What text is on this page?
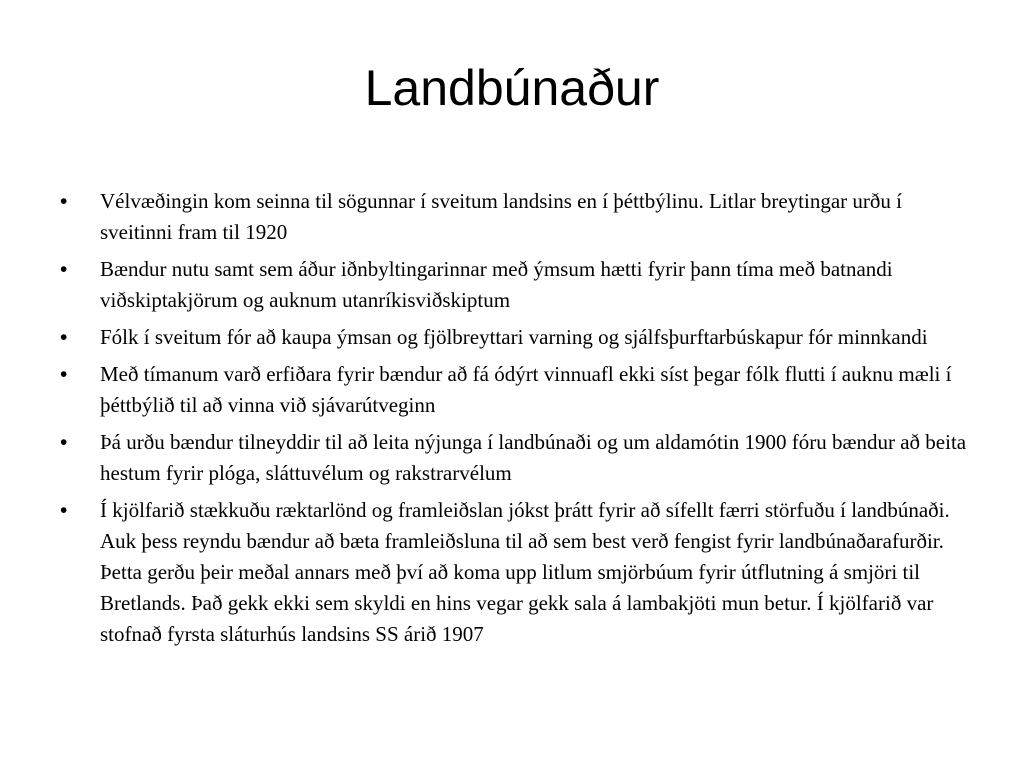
Landbúnaður
•	Vélvæðingin kom seinna til sögunnar í sveitum landsins en í þéttbýlinu. Litlar breytingar urðu í sveitinni fram til 1920
•	Bændur nutu samt sem áður iðnbyltingarinnar með ýmsum hætti fyrir þann tíma með batnandi viðskiptakjörum og auknum utanríkisviðskiptum
•	Fólk í sveitum fór að kaupa ýmsan og fjölbreyttari varning og sjálfsþurftarbúskapur fór minnkandi
•	Með tímanum varð erfiðara fyrir bændur að fá ódýrt vinnuafl ekki síst þegar fólk flutti í auknu mæli í þéttbýlið til að vinna við sjávarútveginn
•	Þá urðu bændur tilneyddir til að leita nýjunga í landbúnaði og um aldamótin 1900 fóru bændur að beita hestum fyrir plóga, sláttuvélum og rakstrarvélum
•	Í kjölfarið stækkuðu ræktarlönd og framleiðslan jókst þrátt fyrir að sífellt færri störfuðu í landbúnaði. Auk þess reyndu bændur að bæta framleiðsluna til að sem best verð fengist fyrir landbúnaðarafurðir. Þetta gerðu þeir meðal annars með því að koma upp litlum smjörbúum fyrir útflutning á smjöri til Bretlands. Það gekk ekki sem skyldi en hins vegar gekk sala á lambakjöti mun betur. Í kjölfarið var stofnað fyrsta sláturhús landsins SS árið 1907
